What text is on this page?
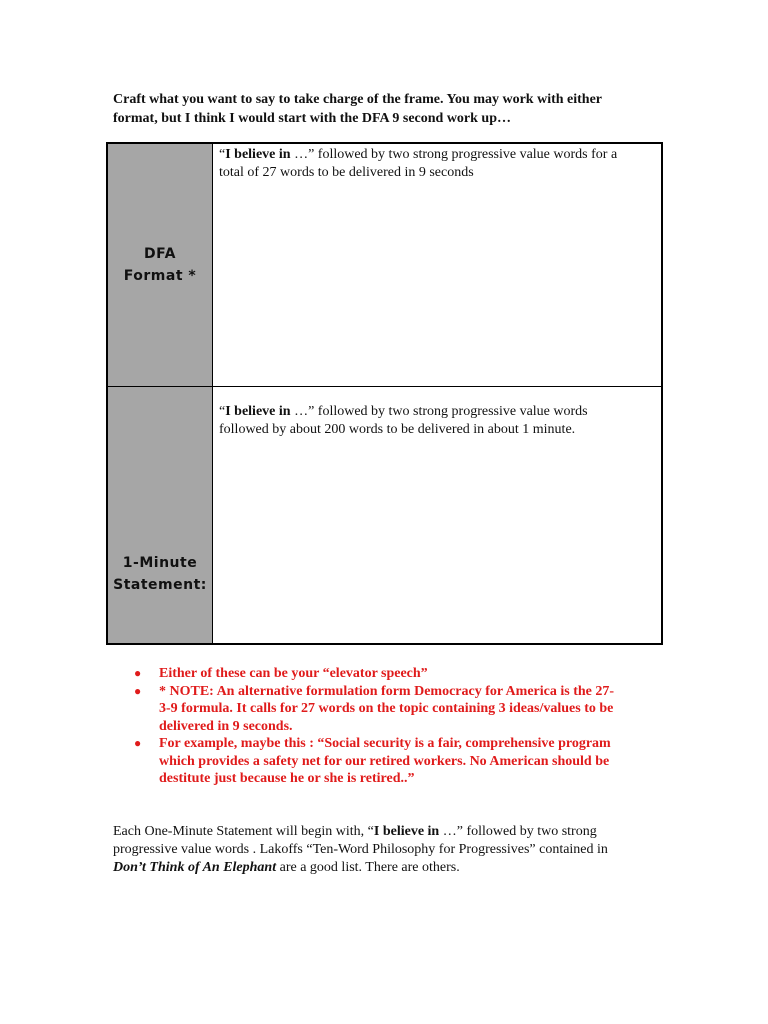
Craft what you want to say to take charge of the frame. You may work with either
format, but I think I would start with the DFA 9 second work up…
DFA
Format *
“I believe in …” followed by two strong progressive value words for a
total of 27 words to be delivered in 9 seconds
1-Minute
Statement:
“I believe in …” followed by two strong progressive value words
followed by about 200 words to be delivered in about 1 minute.
● Either of these can be your “elevator speech”
● * NOTE: An alternative formulation form Democracy for America is the 27-
3-9 formula. It calls for 27 words on the topic containing 3 ideas/values to be
delivered in 9 seconds.
● For example, maybe this : “Social security is a fair, comprehensive program
which provides a safety net for our retired workers. No American should be
destitute just because he or she is retired..”
Each One-Minute Statement will begin with, “I believe in …” followed by two strong
progressive value words . Lakoffs “Ten-Word Philosophy for Progressives” contained in
Don’t Think of An Elephant are a good list. There are others.
